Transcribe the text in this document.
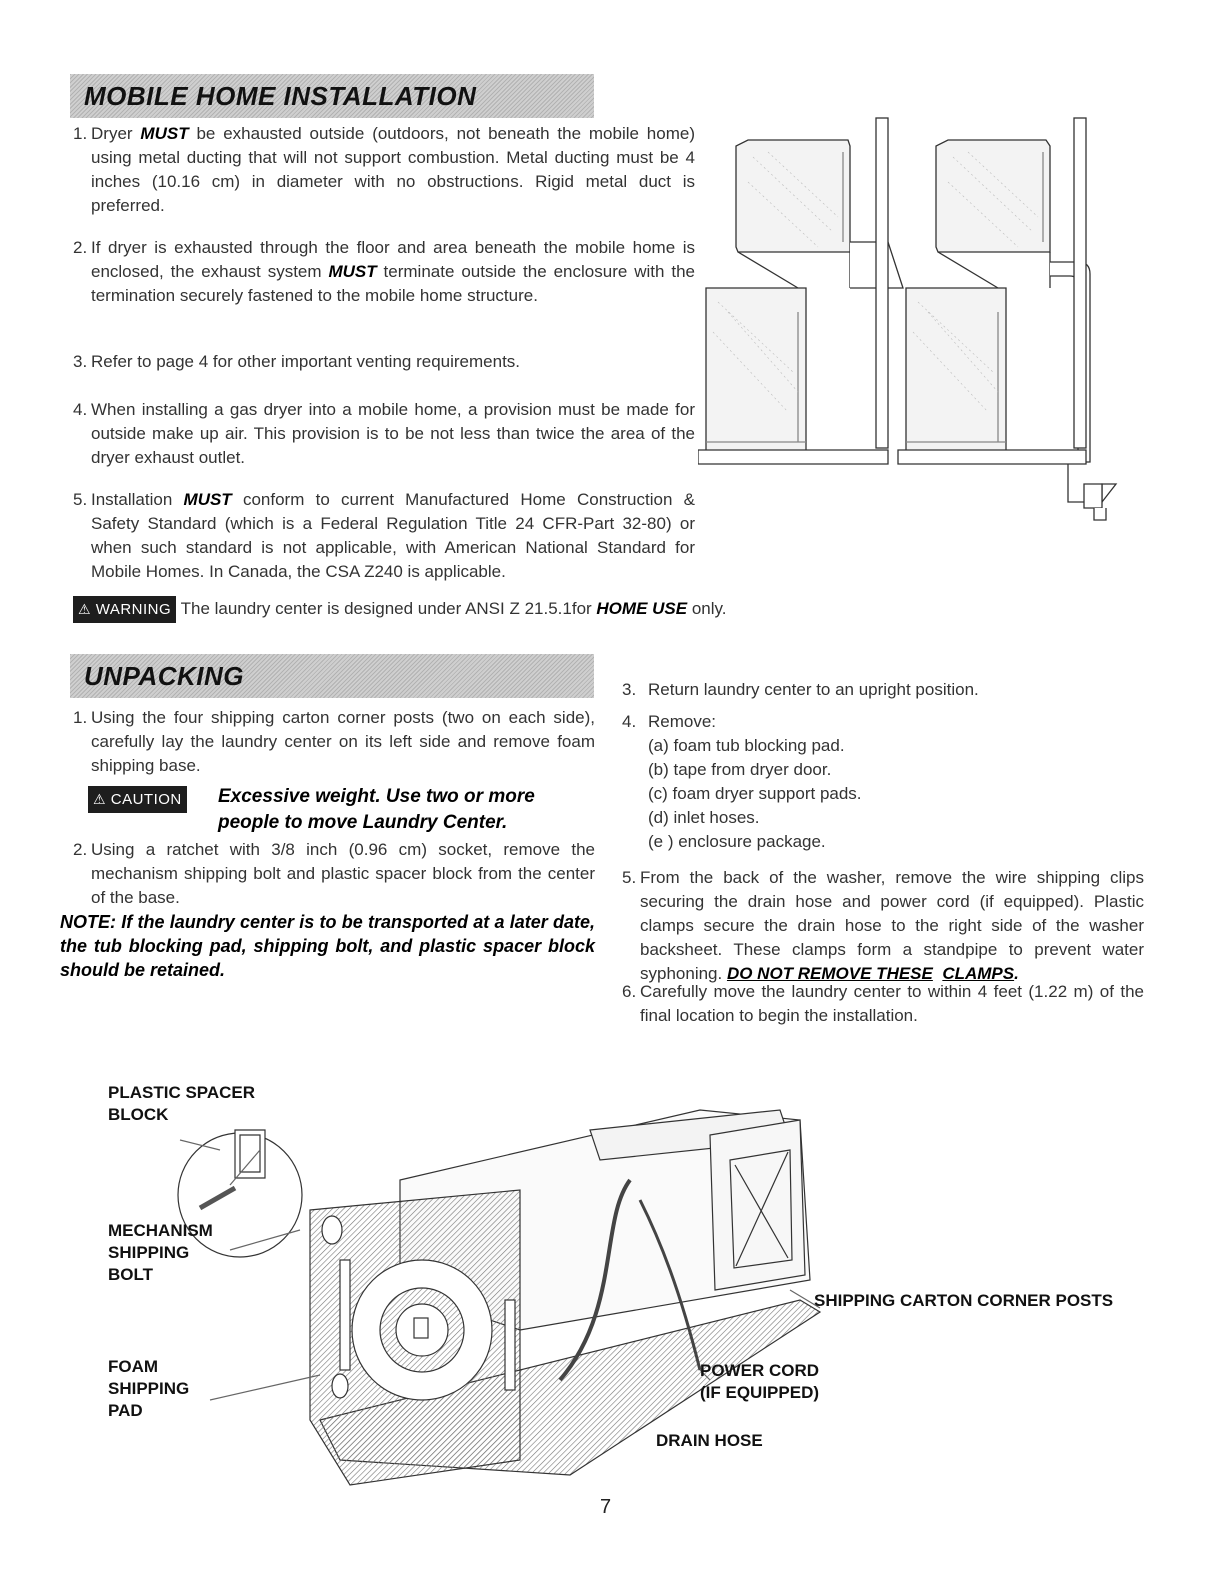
MOBILE HOME INSTALLATION
1. Dryer MUST be exhausted outside (outdoors, not beneath the mobile home) using metal ducting that will not support combustion. Metal ducting must be 4 inches (10.16 cm) in diameter with no obstructions. Rigid metal duct is preferred.
2. If dryer is exhausted through the floor and area beneath the mobile home is enclosed, the exhaust system MUST terminate outside the enclosure with the termination securely fastened to the mobile home structure.
3. Refer to page 4 for other important venting requirements.
4. When installing a gas dryer into a mobile home, a provision must be made for outside make up air. This provision is to be not less than twice the area of the dryer exhaust outlet.
5. Installation MUST conform to current Manufactured Home Construction & Safety Standard (which is a Federal Regulation Title 24 CFR-Part 32-80) or when such standard is not applicable, with American National Standard for Mobile Homes. In Canada, the CSA Z240 is applicable.
⚠ WARNING The laundry center is designed under ANSI Z 21.5.1for HOME USE only.
UNPACKING
1. Using the four shipping carton corner posts (two on each side), carefully lay the laundry center on its left side and remove foam shipping base.
⚠ CAUTION	Excessive weight. Use two or more people to move Laundry Center.
2. Using a ratchet with 3/8 inch (0.96 cm) socket, remove the mechanism shipping bolt and plastic spacer block from the center of the base.
NOTE: If the laundry center is to be transported at a later date, the tub blocking pad, shipping bolt, and plastic spacer block should be retained.
3. Return laundry center to an upright position.
4. Remove:
(a) foam tub blocking pad.
(b) tape from dryer door.
(c) foam dryer support pads.
(d) inlet hoses.
(e ) enclosure package.
5. From the back of the washer, remove the wire shipping clips securing the drain hose and power cord (if equipped). Plastic clamps secure the drain hose to the right side of the washer backsheet. These clamps form a standpipe to prevent water syphoning. DO NOT REMOVE THESE CLAMPS.
6. Carefully move the laundry center to within 4 feet (1.22 m) of the final location to begin the installation.
PLASTIC SPACER
BLOCK
MECHANISM
SHIPPING
BOLT
FOAM
SHIPPING
PAD
SHIPPING CARTON CORNER POSTS
POWER CORD
(IF EQUIPPED)
DRAIN HOSE
7
